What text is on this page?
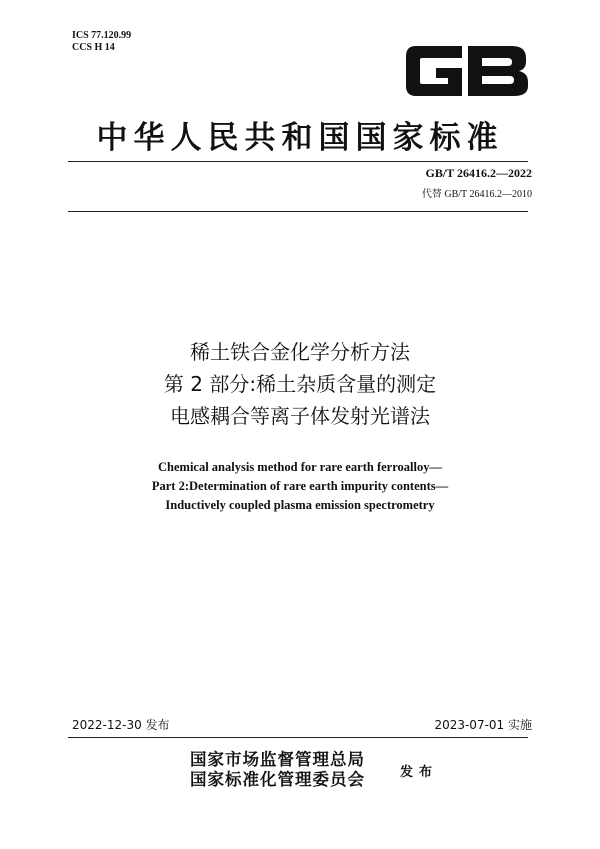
ICS 77.120.99
CCS H 14
中华人民共和国国家标准
GB/T 26416.2—2022
代替 GB/T 26416.2—2010
稀土铁合金化学分析方法
第 2 部分:稀土杂质含量的测定
电感耦合等离子体发射光谱法
Chemical analysis method for rare earth ferroalloy—
Part 2:Determination of rare earth impurity contents—
Inductively coupled plasma emission spectrometry
2022-12-30 发布	2023-07-01 实施
国家市场监督管理总局
国家标准化管理委员会	发布
